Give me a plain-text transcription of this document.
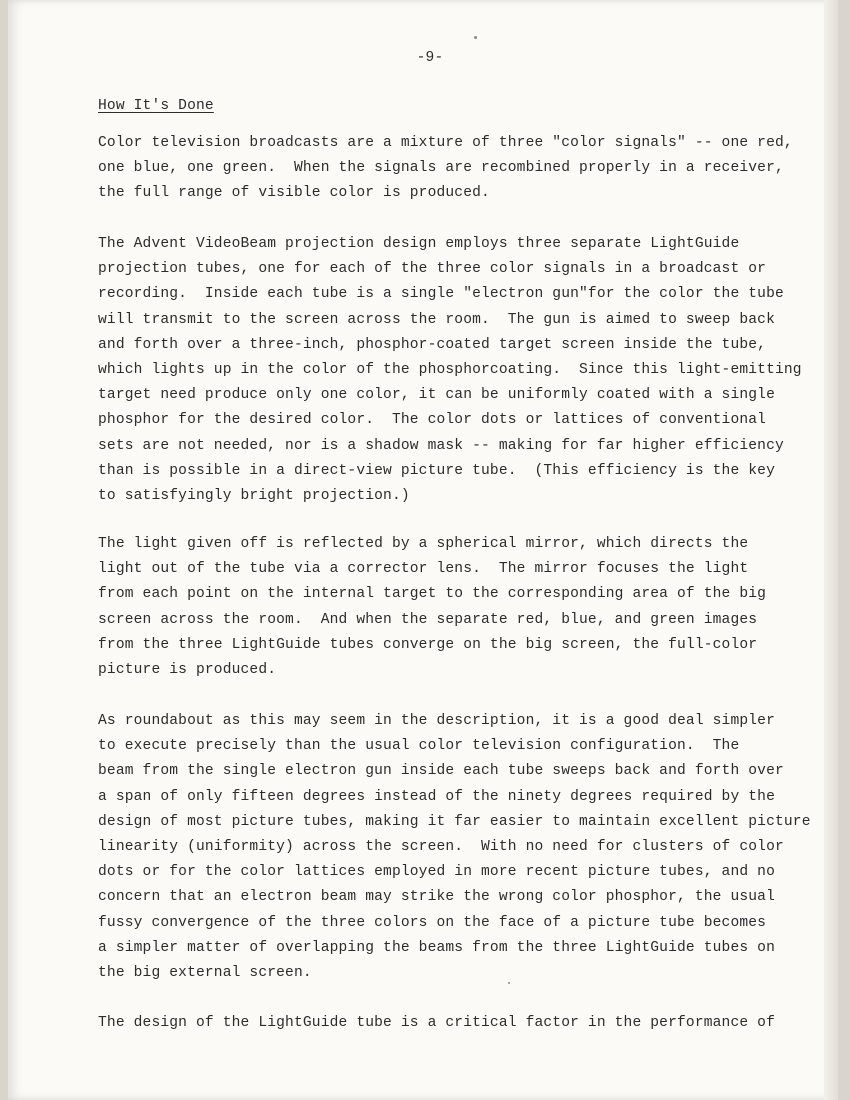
-9-
How It's Done
Color television broadcasts are a mixture of three "color signals" -- one red,
one blue, one green.  When the signals are recombined properly in a receiver,
the full range of visible color is produced.
The Advent VideoBeam projection design employs three separate LightGuide
projection tubes, one for each of the three color signals in a broadcast or
recording.  Inside each tube is a single "electron gun"for the color the tube
will transmit to the screen across the room.  The gun is aimed to sweep back
and forth over a three-inch, phosphor-coated target screen inside the tube,
which lights up in the color of the phosphorcoating.  Since this light-emitting
target need produce only one color, it can be uniformly coated with a single
phosphor for the desired color.  The color dots or lattices of conventional
sets are not needed, nor is a shadow mask -- making for far higher efficiency
than is possible in a direct-view picture tube.  (This efficiency is the key
to satisfyingly bright projection.)
The light given off is reflected by a spherical mirror, which directs the
light out of the tube via a corrector lens.  The mirror focuses the light
from each point on the internal target to the corresponding area of the big
screen across the room.  And when the separate red, blue, and green images
from the three LightGuide tubes converge on the big screen, the full-color
picture is produced.
As roundabout as this may seem in the description, it is a good deal simpler
to execute precisely than the usual color television configuration.  The
beam from the single electron gun inside each tube sweeps back and forth over
a span of only fifteen degrees instead of the ninety degrees required by the
design of most picture tubes, making it far easier to maintain excellent picture
linearity (uniformity) across the screen.  With no need for clusters of color
dots or for the color lattices employed in more recent picture tubes, and no
concern that an electron beam may strike the wrong color phosphor, the usual
fussy convergence of the three colors on the face of a picture tube becomes
a simpler matter of overlapping the beams from the three LightGuide tubes on
the big external screen.
The design of the LightGuide tube is a critical factor in the performance of
